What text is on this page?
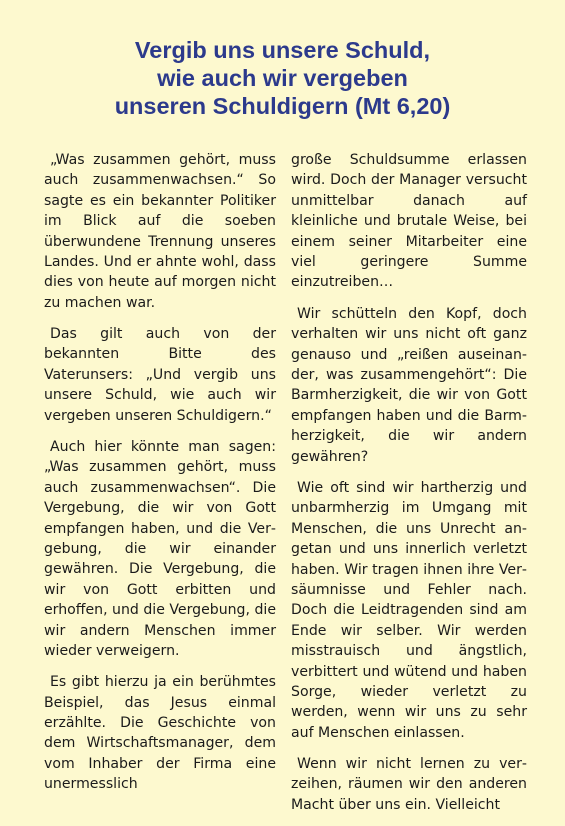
Vergib uns unsere Schuld,
wie auch wir vergeben
unseren Schuldigern (Mt 6,20)

„Was zusammen gehört, muss auch zusammenwachsen.“ So sagte es ein bekannter Politiker im Blick auf die soeben überwundene Trennung unseres Landes. Und er ahnte wohl, dass dies von heute auf morgen nicht zu machen war.

Das gilt auch von der bekannten Bitte des Vaterunsers: „Und vergib uns unsere Schuld, wie auch wir vergeben unseren Schuldigern.“

Auch hier könnte man sagen: „Was zusammen gehört, muss auch zusammenwachsen“. Die Vergebung, die wir von Gott empfangen haben, und die Vergebung, die wir einander gewähren. Die Vergebung, die wir von Gott erbitten und erhoffen, und die Vergebung, die wir andern Menschen immer wieder verweigern.

Es gibt hierzu ja ein berühmtes Beispiel, das Jesus einmal erzählte. Die Geschichte von dem Wirtschaftsmanager, dem vom Inhaber der Firma eine unermesslich

große Schuldsumme erlassen wird. Doch der Manager versucht unmittelbar danach auf kleinliche und brutale Weise, bei einem seiner Mitarbeiter eine viel geringere Summe einzutreiben…

Wir schütteln den Kopf, doch verhalten wir uns nicht oft ganz genauso und „reißen auseinander, was zusammengehört“: Die Barmherzigkeit, die wir von Gott empfangen haben und die Barmherzigkeit, die wir andern gewähren?

Wie oft sind wir hartherzig und unbarmherzig im Umgang mit Menschen, die uns Unrecht angetan und uns innerlich verletzt haben. Wir tragen ihnen ihre Versäumnisse und Fehler nach. Doch die Leidtragenden sind am Ende wir selber. Wir werden misstrauisch und ängstlich, verbittert und wütend und haben Sorge, wieder verletzt zu werden, wenn wir uns zu sehr auf Menschen einlassen.

Wenn wir nicht lernen zu verzeihen, räumen wir den anderen Macht über uns ein. Vielleicht
